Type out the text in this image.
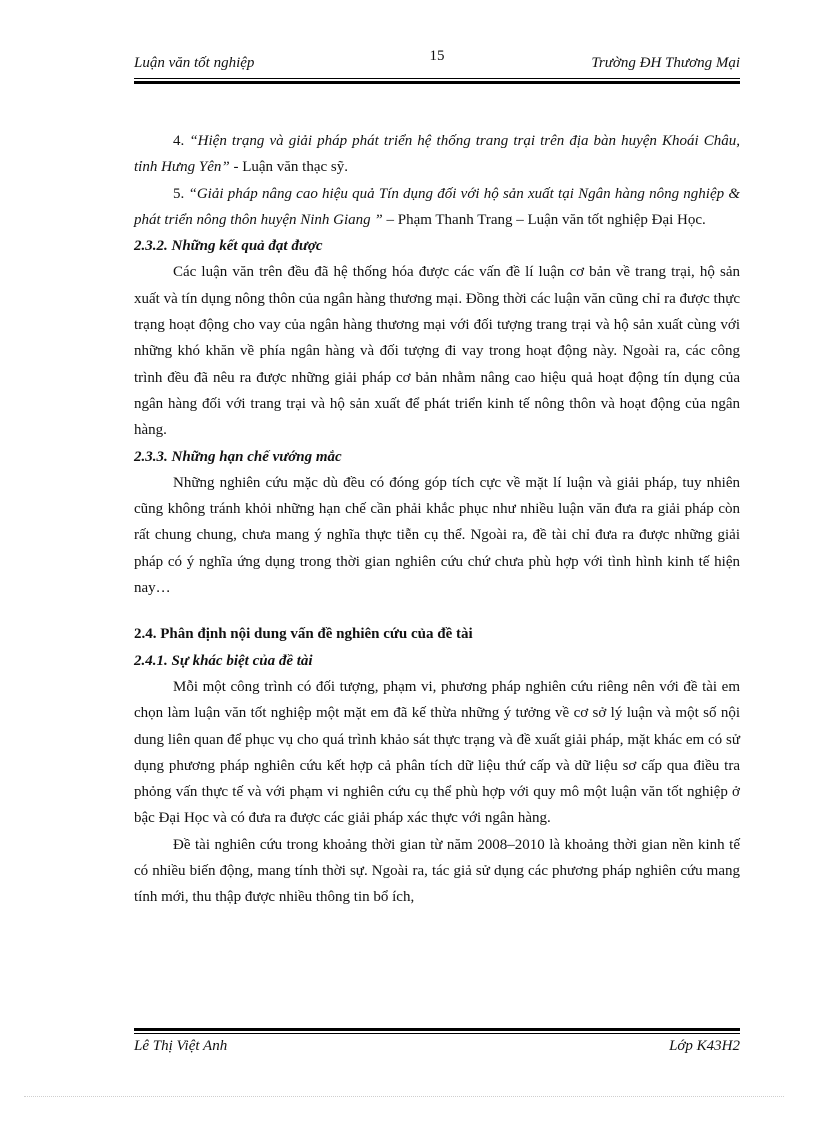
Luận văn tốt nghiệp	15	Trường ĐH Thương Mại

4. “Hiện trạng và giải pháp phát triển hệ thống trang trại trên địa bàn huyện Khoái Châu, tỉnh Hưng Yên” - Luận văn thạc sỹ.

5. “Giải pháp nâng cao hiệu quả Tín dụng đối với hộ sản xuất tại Ngân hàng nông nghiệp & phát triển nông thôn huyện Ninh Giang ” – Phạm Thanh Trang – Luận văn tốt nghiệp Đại Học.

2.3.2. Những kết quả đạt được

Các luận văn trên đều đã hệ thống hóa được các vấn đề lí luận cơ bản về trang trại, hộ sản xuất và tín dụng nông thôn của ngân hàng thương mại. Đồng thời các luận văn cũng chỉ ra được thực trạng hoạt động cho vay của ngân hàng thương mại với đối tượng trang trại và hộ sản xuất cùng với những khó khăn về phía ngân hàng và đối tượng đi vay trong hoạt động này. Ngoài ra, các công trình đều đã nêu ra được những giải pháp cơ bản nhằm nâng cao hiệu quả hoạt động tín dụng của ngân hàng đối với trang trại và hộ sản xuất để phát triển kinh tế nông thôn và hoạt động của ngân hàng.

2.3.3. Những hạn chế vướng mắc

Những nghiên cứu mặc dù đều có đóng góp tích cực về mặt lí luận và giải pháp, tuy nhiên cũng không tránh khỏi những hạn chế cần phải khắc phục như nhiều luận văn đưa ra giải pháp còn rất chung chung, chưa mang ý nghĩa thực tiễn cụ thể. Ngoài ra, đề tài chỉ đưa ra được những giải pháp có ý nghĩa ứng dụng trong thời gian nghiên cứu chứ chưa phù hợp với tình hình kinh tế hiện nay…

2.4. Phân định nội dung vấn đề nghiên cứu của đề tài

2.4.1. Sự khác biệt của đề tài

Mỗi một công trình có đối tượng, phạm vi, phương pháp nghiên cứu riêng nên với đề tài em chọn làm luận văn tốt nghiệp một mặt em đã kế thừa những ý tưởng về cơ sở lý luận và một số nội dung liên quan để phục vụ cho quá trình khảo sát thực trạng và đề xuất giải pháp, mặt khác em có sử dụng phương pháp nghiên cứu kết hợp cả phân tích dữ liệu thứ cấp và dữ liệu sơ cấp qua điều tra phỏng vấn thực tế và với phạm vi nghiên cứu cụ thể phù hợp với quy mô một luận văn tốt nghiệp ở bậc Đại Học và có đưa ra được các giải pháp xác thực với ngân hàng.

Đề tài nghiên cứu trong khoảng thời gian từ năm 2008–2010 là khoảng thời gian nền kinh tế có nhiều biến động, mang tính thời sự. Ngoài ra, tác giả sử dụng các phương pháp nghiên cứu mang tính mới, thu thập được nhiều thông tin bổ ích,

Lê Thị Việt Anh	Lớp K43H2
